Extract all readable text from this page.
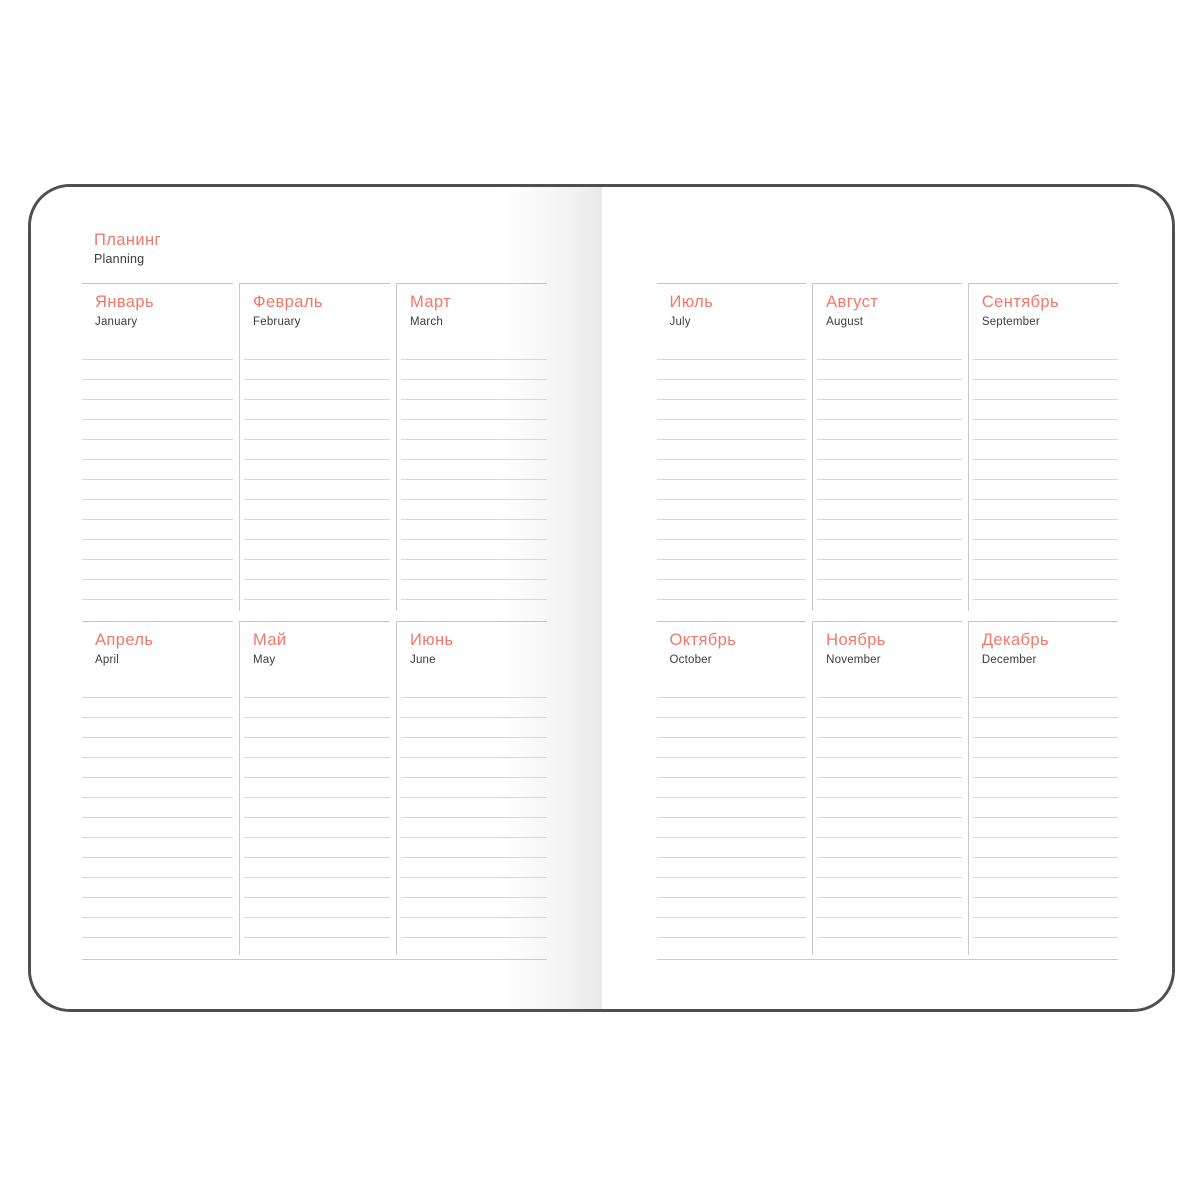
Планинг
Planning
Январь
January
Февраль
February
Март
March
Апрель
April
Май
May
Июнь
June
Июль
July
Август
August
Сентябрь
September
Октябрь
October
Ноябрь
November
Декабрь
December
